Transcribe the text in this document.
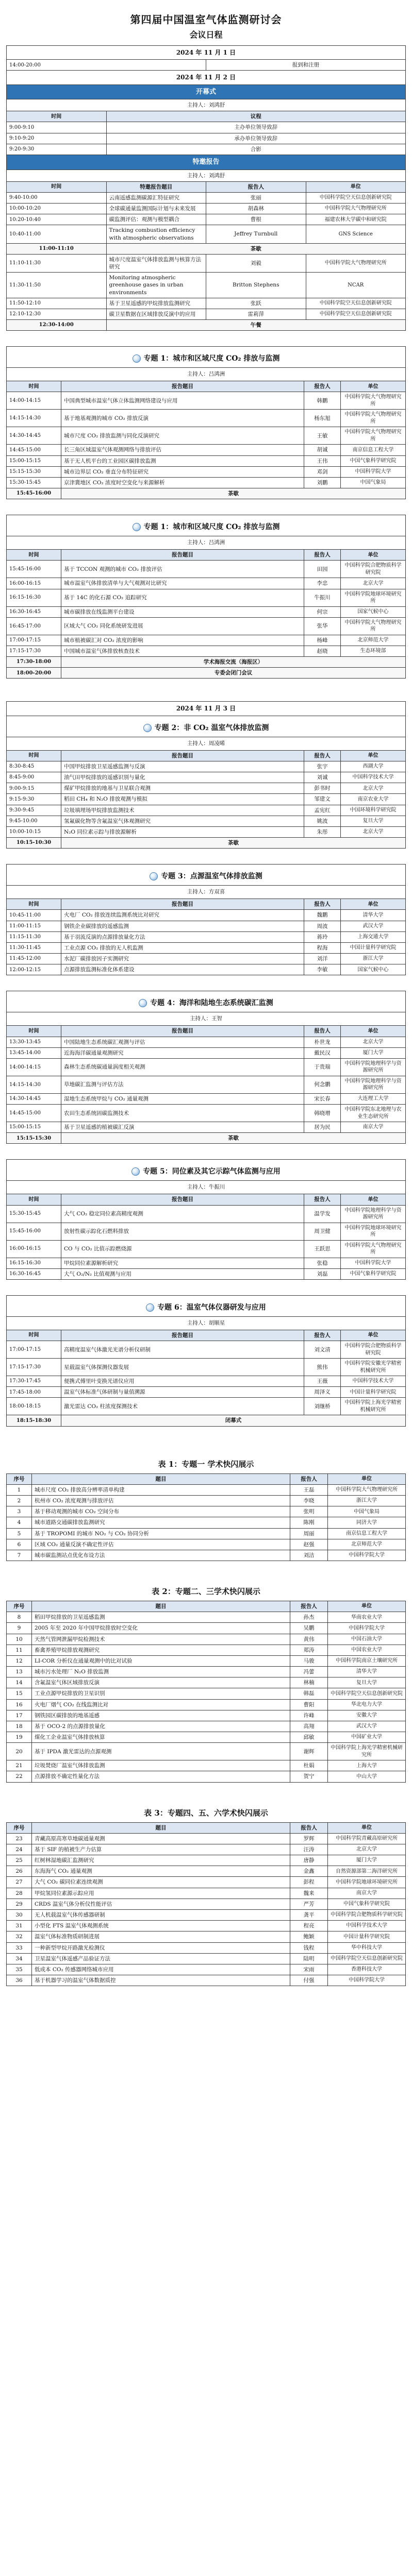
第四届中国温室气体监测研讨会
会议日程
2024 年 11 月 1 日
14:00-20:00	报到和注册
2024 年 11 月 2 日			
开幕式			
主持人：刘鸿舒			
时间	议程		
9:00-9:10	主办单位领导致辞		
9:10-9:20	承办单位领导致辞		
9:20-9:30	合影		
特邀报告			
主持人：刘鸿舒			
时间	特邀报告题目	报告人	单位
9:40-10:00	云南遥感监测碳源汇特征研究	张丽	中国科学院空天信息创新研究院
10:00-10:20	全球碳通量监测国际计划与未来发展	胡森林	中国科学院大气物理研究所
10:20-10:40	碳监测评估：观测与模型耦合	曹根	福建农林大学碳中和研究院
10:40-11:00	Tracking combustion efficiency with atmospheric observations	Jeffrey Turnbull	GNS Science
11:00-11:10	茶歇		
11:10-11:30	城市尺度温室气体排放监测与核算方法研究	刘毅	中国科学院大气物理研究所
11:30-11:50	Monitoring atmospheric greenhouse gases in urban environments	Britton Stephens	NCAR
11:50-12:10	基于卫星遥感的甲烷排放监测研究	张跃	中国科学院空天信息创新研究院
12:10-12:30	碳卫星数据在区域排放反演中的应用	雷莉萍	中国科学院空天信息创新研究院
12:30-14:00	午餐		
专题 1：城市和区域尺度 CO₂ 排放与监测
主持人：吕鸿洲
时间	报告题目	报告人	单位
14:00-14:15	中国典型城市温室气体立体监测网络建设与应用	韩鹏	中国科学院大气物理研究所
14:15-14:30	基于地基观测的城市 CO₂ 排放反演	杨东旭	中国科学院大气物理研究所
14:30-14:45	城市尺度 CO₂ 排放监测与同化反演研究	王敏	中国科学院大气物理研究所
14:45-15:00	长三角区域温室气体观测网络与排放评估	胡诚	南京信息工程大学
15:00-15:15	基于无人机平台的工业园区碳排放监测	王伟	中国气象科学研究院
15:15-15:30	城市边界层 CO₂ 垂直分布特征研究	邓剑	中国科学院大学
15:30-15:45	京津冀地区 CO₂ 浓度时空变化与来源解析	刘鹏	中国气象局
15:45-16:00	茶歇		
专题 1：城市和区域尺度 CO₂ 排放与监测
主持人：吕鸿洲
时间	报告题目	报告人	单位
15:45-16:00	基于 TCCON 观测的城市 CO₂ 排放评估	田园	中国科学院合肥物质科学研究院
16:00-16:15	城市温室气体排放清单与大气观测对比研究	李忠	北京大学
16:15-16:30	基于 14C 的化石源 CO₂ 追踪研究	牛振川	中国科学院地球环境研究所
16:30-16:45	城市碳排放在线监测平台建设	何宗	国家气候中心
16:45-17:00	区域大气 CO₂ 同化系统研发进展	张华	中国科学院大气物理研究所
17:00-17:15	城市植被碳汇对 CO₂ 浓度的影响	杨峰	北京师范大学
17:15-17:30	中国城市温室气体排放核查技术	赵晓	生态环境部
17:30-18:00	学术海报交流（海报区）		
18:00-20:00	专委会闭门会议		
2024 年 11 月 3 日
专题 2：非 CO₂ 温室气体排放监测
主持人：周凌晞
时间	报告题目	报告人	单位
8:30-8:45	中国甲烷排放卫星遥感监测与反演	张宇	西湖大学
8:45-9:00	油气田甲烷排放的遥感识别与量化	刘诚	中国科学技术大学
9:00-9:15	煤矿甲烷排放的地基与卫星联合观测	彭书时	北京大学
9:15-9:30	稻田 CH₄ 和 N₂O 排放观测与模拟	邹建文	南京农业大学
9:30-9:45	垃圾填埋场甲烷排放监测技术	孟宪红	中国环境科学研究院
9:45-10:00	氢氟碳化物等含氟温室气体观测研究	姚波	复旦大学
10:00-10:15	N₂O 同位素示踪与排放源解析	朱彤	北京大学
10:15-10:30	茶歇		
专题 3：点源温室气体排放监测
主持人：方双喜
时间	报告题目	报告人	单位
10:45-11:00	火电厂 CO₂ 排放连续监测系统比对研究	魏鹏	清华大学
11:00-11:15	钢铁企业碳排放的遥感监测	周波	武汉大学
11:15-11:30	基于羽流反演的点源排放量化方法	蒋玲	上海交通大学
11:30-11:45	工业点源 CO₂ 排放的无人机监测	程海	中国计量科学研究院
11:45-12:00	水泥厂碳排放因子实测研究	刘洋	浙江大学
12:00-12:15	点源排放监测标准化体系建设	李敏	国家气候中心
专题 4：海洋和陆地生态系统碳汇监测
主持人：王智
时间	报告题目	报告人	单位
13:30-13:45	中国陆地生态系统碳汇观测与评估	朴世龙	北京大学
13:45-14:00	近海海洋碳通量观测研究	戴民汉	厦门大学
14:00-14:15	森林生态系统碳通量涡度相关观测	于贵瑞	中国科学院地理科学与资源研究所
14:15-14:30	草地碳汇监测与评估方法	何念鹏	中国科学院地理科学与资源研究所
14:30-14:45	湿地生态系统甲烷与 CO₂ 通量观测	宋长春	大连理工大学
14:45-15:00	农田生态系统固碳监测技术	韩晓增	中国科学院东北地理与农业生态研究所
15:00-15:15	基于卫星遥感的植被碳汇反演	居为民	南京大学
15:15-15:30	茶歇		
专题 5：同位素及其它示踪气体监测与应用
主持人：牛振川
时间	报告题目	报告人	单位
15:30-15:45	大气 CO₂ 稳定同位素高精度观测	温学发	中国科学院地理科学与资源研究所
15:45-16:00	放射性碳示踪化石燃料排放	周卫健	中国科学院地球环境研究所
16:00-16:15	CO 与 CO₂ 比值示踪燃烧源	王跃思	中国科学院大气物理研究所
16:15-16:30	甲烷同位素源解析研究	张稳	中国科学院大学
16:30-16:45	大气 O₂/N₂ 比值观测与应用	刘磊	中国气象科学研究院
专题 6：温室气体仪器研发与应用
主持人：胡顺星
时间	报告题目	报告人	单位
17:00-17:15	高精度温室气体激光光谱分析仪研制	刘文清	中国科学院合肥物质科学研究院
17:15-17:30	星载温室气体探测仪器发展	熊伟	中国科学院安徽光学精密机械研究所
17:30-17:45	便携式傅里叶变换光谱仪应用	王薇	中国科学技术大学
17:45-18:00	温室气体标准气体研制与量值溯源	周泽义	中国计量科学研究院
18:00-18:15	激光雷达 CO₂ 柱浓度探测技术	刘继桥	中国科学院上海光学精密机械研究所
18:15-18:30	闭幕式		
表 1：专题一 学术快闪展示
序号	题目	报告人	单位
1	城市尺度 CO₂ 排放高分辨率清单构建	王磊	中国科学院大气物理研究所
2	杭州市 CO₂ 浓度观测与排放评估	李晓	浙江大学
3	基于移动观测的城市 CO₂ 空间分布	张明	中国气象局
4	城市道路交通碳排放监测研究	陈刚	同济大学
5	基于 TROPOMI 的城市 NO₂ 与 CO₂ 协同分析	周丽	南京信息工程大学
6	区域 CO₂ 通量反演不确定性评估	赵强	北京师范大学
7	城市碳监测站点优化布设方法	刘洁	中国科学院大学
表 2：专题二、三学术快闪展示
序号	题目	报告人	单位
8	稻田甲烷排放的卫星遥感监测	孙杰	华南农业大学
9	2005 年至 2020 年中国甲烷排放时空变化	吴鹏	中国科学院大学
10	天然气管网泄漏甲烷检测技术	黄伟	中国石油大学
11	畜禽养殖甲烷排放观测研究	郑涛	中国农业大学
12	LI-COR 分析仪在通量观测中的比对试验	马骏	中国科学院南京土壤研究所
13	城市污水处理厂 N₂O 排放监测	冯蕾	清华大学
14	含氟温室气体区域排放反演	林楠	复旦大学
15	工业点源甲烷排放的卫星识别	韩磊	中国科学院空天信息创新研究院
16	火电厂烟气 CO₂ 在线监测比对	曹阳	华北电力大学
17	钢铁园区碳排放的地基遥感	许峰	安徽大学
18	基于 OCO-2 的点源排放量化	高翔	武汉大学
19	煤化工企业温室气体排放核算	邱敏	中国矿业大学
20	基于 IPDA 激光雷达的点源观测	谢辉	中国科学院上海光学精密机械研究所
21	垃圾焚烧厂温室气体排放监测	杜娟	上海大学
22	点源排放不确定性量化方法	贺宁	中山大学
表 3：专题四、五、六学术快闪展示
序号	题目	报告人	单位
23	青藏高原高寒草地碳通量观测	罗辉	中国科学院青藏高原研究所
24	基于 SIF 的植被生产力估算	汪涛	北京大学
25	红树林湿地碳汇监测研究	唐静	厦门大学
26	东海海气 CO₂ 通量观测	金鑫	自然资源部第二海洋研究所
27	大气 CO₂ 碳同位素连续观测	彭程	中国科学院地球环境研究所
28	甲烷氢同位素源示踪应用	魏来	南京大学
29	CRDS 温室气体分析仪性能评估	严芳	中国气象科学研究院
30	无人机载温室气体传感器研制	龚平	中国科学院合肥物质科学研究院
31	小型化 FTS 温室气体观测系统	程亮	中国科学技术大学
32	温室气体标准物质研制进展	鲍颖	中国计量科学研究院
33	一种新型甲烷开路激光检测仪	钱程	华中科技大学
34	卫星温室气体遥感产品验证方法	陆明	中国科学院空天信息创新研究院
35	低成本 CO₂ 传感器网络城市应用	宋雨	香港科技大学
36	基于机器学习的温室气体数据质控	付强	中国科学院大学
